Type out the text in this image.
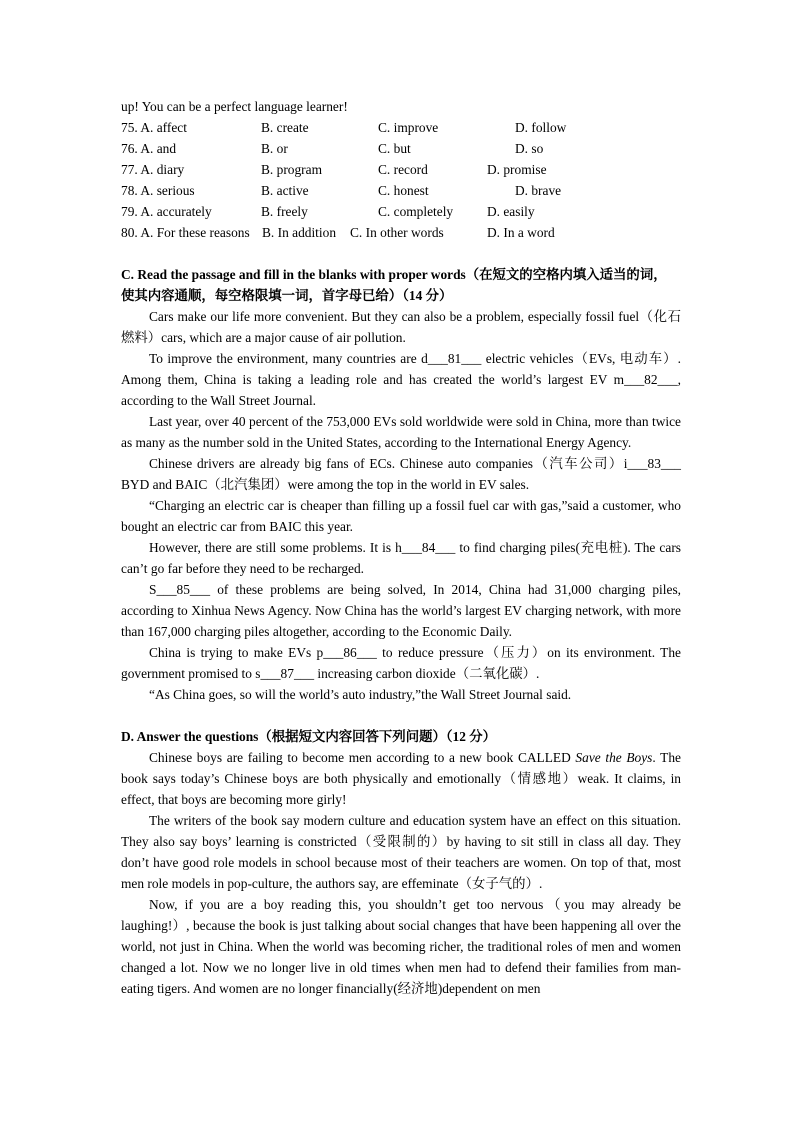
up! You can be a perfect language learner!
75. A. affect	B. create	C. improve	D. follow
76. A. and	B. or	C. but	D. so
77. A. diary	B. program	C. record	D. promise
78. A. serious	B. active	C. honest	D. brave
79. A. accurately	B. freely	C. completely	D. easily
80. A. For these reasons B. In addition C. In other words	D. In a word
C. Read the passage and fill in the blanks with proper words（在短文的空格内填入适当的词，
使其内容通顺，每空格限填一词，首字母已给）（14 分）

Cars make our life more convenient. But they can also be a problem, especially fossil fuel（化石燃料）cars, which are a major cause of air pollution.

To improve the environment, many countries are d___81___ electric vehicles（EVs, 电动车）. Among them, China is taking a leading role and has created the world’s largest EV m___82___, according to the Wall Street Journal.

Last year, over 40 percent of the 753,000 EVs sold worldwide were sold in China, more than twice as many as the number sold in the United States, according to the International Energy Agency.

Chinese drivers are already big fans of ECs. Chinese auto companies（汽车公司）i___83___ BYD and BAIC（北汽集团）were among the top in the world in EV sales.

“Charging an electric car is cheaper than filling up a fossil fuel car with gas,”said a customer, who bought an electric car from BAIC this year.

However, there are still some problems. It is h___84___ to find charging piles(充电桩). The cars can’t go far before they need to be recharged.

S___85___ of these problems are being solved, In 2014, China had 31,000 charging piles, according to Xinhua News Agency. Now China has the world’s largest EV charging network, with more than 167,000 charging piles altogether, according to the Economic Daily.

China is trying to make EVs p___86___ to reduce pressure（压力）on its environment. The government promised to s___87___ increasing carbon dioxide（二氧化碳）.

“As China goes, so will the world’s auto industry,”the Wall Street Journal said.

D. Answer the questions（根据短文内容回答下列问题）（12 分）

Chinese boys are failing to become men according to a new book CALLED Save the Boys. The book says today’s Chinese boys are both physically and emotionally（情感地）weak. It claims, in effect, that boys are becoming more girly!

The writers of the book say modern culture and education system have an effect on this situation. They also say boys’ learning is constricted（受限制的）by having to sit still in class all day. They don’t have good role models in school because most of their teachers are women. On top of that, most men role models in pop-culture, the authors say, are effeminate（女子气的）.

Now, if you are a boy reading this, you shouldn’t get too nervous（you may already be laughing!）, because the book is just talking about social changes that have been happening all over the world, not just in China. When the world was becoming richer, the traditional roles of men and women changed a lot. Now we no longer live in old times when men had to defend their families from man-eating tigers. And women are no longer financially(经济地)dependent on men
